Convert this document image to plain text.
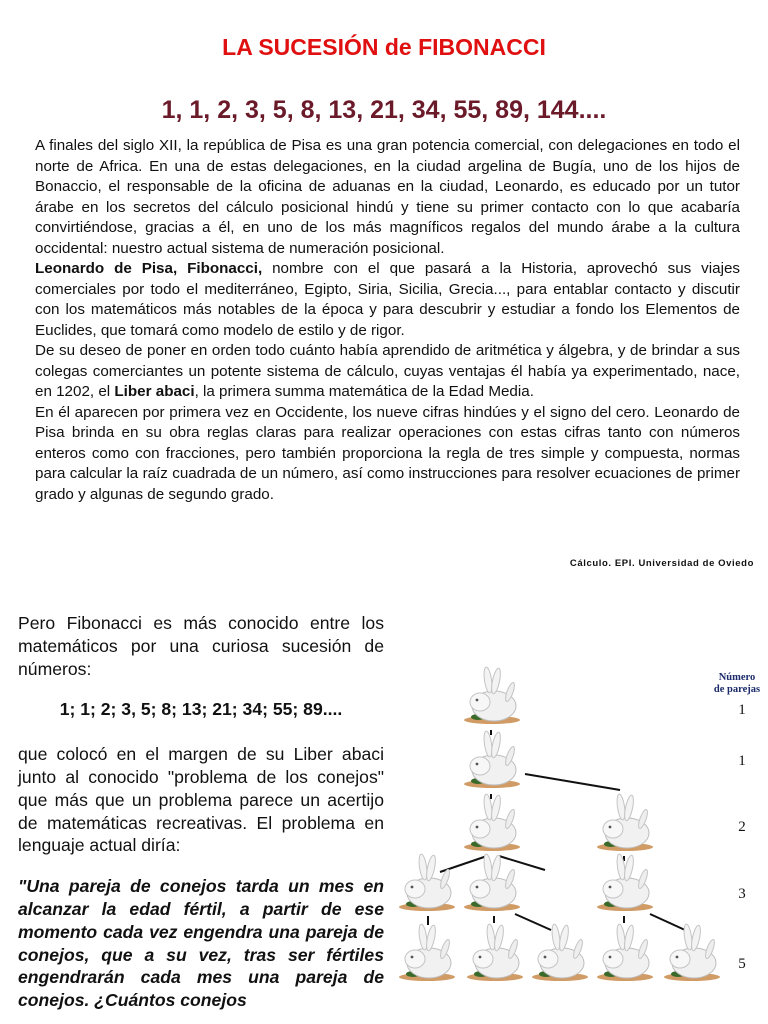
LA SUCESIÓN de FIBONACCI
1, 1, 2, 3, 5, 8, 13, 21, 34, 55, 89, 144....

A finales del siglo XII, la república de Pisa es una gran potencia comercial, con delegaciones en todo el norte de Africa. En una de estas delegaciones, en la ciudad argelina de Bugía, uno de los hijos de Bonaccio, el responsable de la oficina de aduanas en la ciudad, Leonardo, es educado por un tutor árabe en los secretos del cálculo posicional hindú y tiene su primer contacto con lo que acabaría convirtiéndose, gracias a él, en uno de los más magníficos regalos del mundo árabe a la cultura occidental: nuestro actual sistema de numeración posicional.

Leonardo de Pisa, Fibonacci, nombre con el que pasará a la Historia, aprovechó sus viajes comerciales por todo el mediterráneo, Egipto, Siria, Sicilia, Grecia..., para entablar contacto y discutir con los matemáticos más notables de la época y para descubrir y estudiar a fondo los Elementos de Euclides, que tomará como modelo de estilo y de rigor.

De su deseo de poner en orden todo cuánto había aprendido de aritmética y álgebra, y de brindar a sus colegas comerciantes un potente sistema de cálculo, cuyas ventajas él había ya experimentado, nace, en 1202, el Liber abaci, la primera summa matemática de la Edad Media.

En él aparecen por primera vez en Occidente, los nueve cifras hindúes y el signo del cero. Leonardo de Pisa brinda en su obra reglas claras para realizar operaciones con estas cifras tanto con números enteros como con fracciones, pero también proporciona la regla de tres simple y compuesta, normas para calcular la raíz cuadrada de un número, así como instrucciones para resolver ecuaciones de primer grado y algunas de segundo grado.

Cálculo. EPI. Universidad de Oviedo

Pero Fibonacci es más conocido entre los matemáticos por una curiosa sucesión de números:

1; 1; 2; 3, 5; 8; 13; 21; 34; 55; 89....

que colocó en el margen de su Liber abaci junto al conocido "problema de los conejos" que más que un problema parece un acertijo de matemáticas recreativas. El problema en lenguaje actual diría:

"Una pareja de conejos tarda un mes en alcanzar la edad fértil, a partir de ese momento cada vez engendra una pareja de conejos, que a su vez, tras ser fértiles engendrarán cada mes una pareja de conejos. ¿Cuántos conejos

Número
de parejas
1
1
2
3
5
